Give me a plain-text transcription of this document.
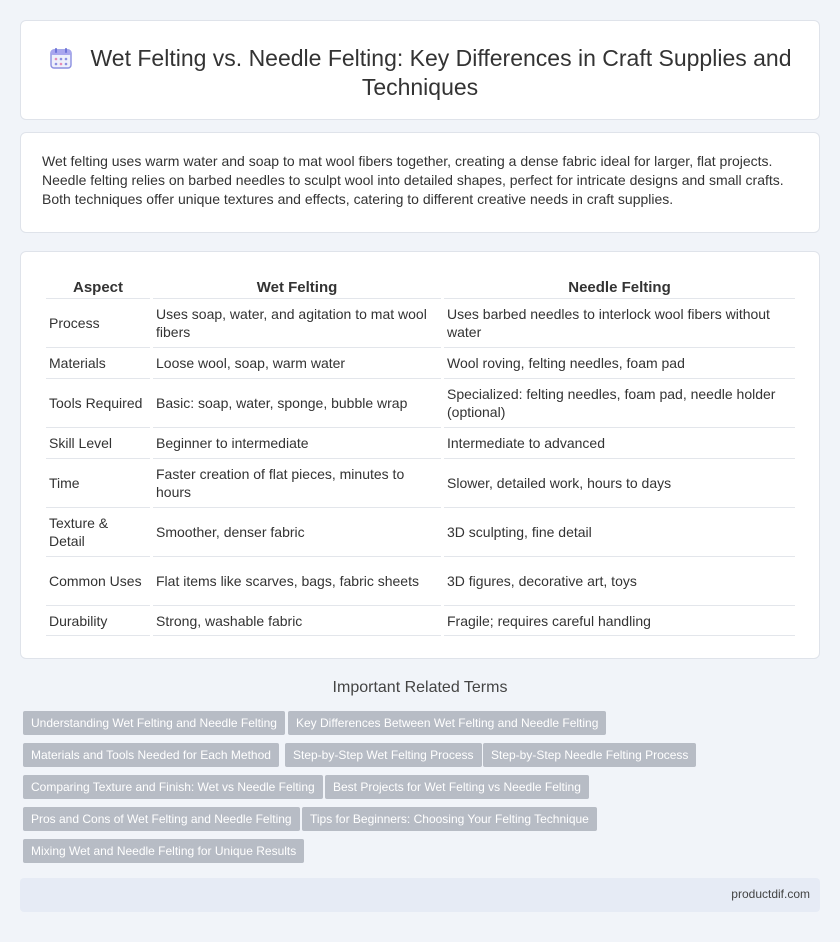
Wet Felting vs. Needle Felting: Key Differences in Craft Supplies and Techniques

Wet felting uses warm water and soap to mat wool fibers together, creating a dense fabric ideal for larger, flat projects. Needle felting relies on barbed needles to sculpt wool into detailed shapes, perfect for intricate designs and small crafts. Both techniques offer unique textures and effects, catering to different creative needs in craft supplies.

Aspect	Wet Felting	Needle Felting
Process	Uses soap, water, and agitation to mat wool fibers	Uses barbed needles to interlock wool fibers without water
Materials	Loose wool, soap, warm water	Wool roving, felting needles, foam pad
Tools Required	Basic: soap, water, sponge, bubble wrap	Specialized: felting needles, foam pad, needle holder (optional)
Skill Level	Beginner to intermediate	Intermediate to advanced
Time	Faster creation of flat pieces, minutes to hours	Slower, detailed work, hours to days
Texture & Detail	Smoother, denser fabric	3D sculpting, fine detail
Common Uses	Flat items like scarves, bags, fabric sheets	3D figures, decorative art, toys
Durability	Strong, washable fabric	Fragile; requires careful handling
Important Related Terms
Understanding Wet Felting and Needle Felting	Key Differences Between Wet Felting and Needle Felting
Materials and Tools Needed for Each Method	Step-by-Step Wet Felting Process	Step-by-Step Needle Felting Process
Comparing Texture and Finish: Wet vs Needle Felting	Best Projects for Wet Felting vs Needle Felting
Pros and Cons of Wet Felting and Needle Felting	Tips for Beginners: Choosing Your Felting Technique
Mixing Wet and Needle Felting for Unique Results
productdif.com
